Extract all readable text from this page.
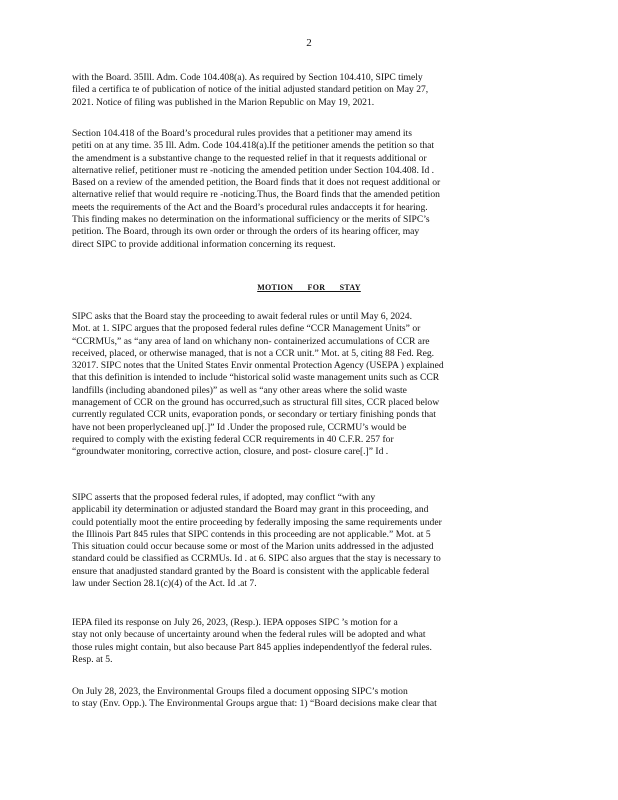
2

with the Board. 35Ill. Adm. Code 104.408(a). As required by Section 104.410, SIPC timely

filed a certifica te of publication of notice of the initial adjusted standard petition on May 27,

2021. Notice of filing was published in the Marion Republic on May 19, 2021.

Section 104.418 of the Board’s procedural rules provides that a petitioner may amend its

petiti on at any time. 35 Ill. Adm. Code 104.418(a).If the petitioner amends the petition so that

the amendment is a substantive change to the requested relief in that it requests additional or

alternative relief, petitioner must re -noticing the amended petition under Section 104.408. Id .

Based on a review of the amended petition, the Board finds that it does not request additional or

alternative relief that would require re -noticing.Thus, the Board finds that the amended petition

meets the requirements of the Act and the Board’s procedural rules andaccepts it for hearing.

This finding makes no determination on the informational sufficiency or the merits of SIPC’s

petition. The Board, through its own order or through the orders of its hearing officer, may

direct SIPC to provide additional information concerning its request.

MOTION FOR STAY

SIPC asks that the Board stay the proceeding to await federal rules or until May 6, 2024.

Mot. at 1. SIPC argues that the proposed federal rules define “CCR Management Units” or

“CCRMUs,” as “any area of land on whichany non- containerized accumulations of CCR are

received, placed, or otherwise managed, that is not a CCR unit.” Mot. at 5, citing 88 Fed. Reg.

32017. SIPC notes that the United States Envir onmental Protection Agency (USEPA ) explained

that this definition is intended to include “historical solid waste management units such as CCR

landfills (including abandoned piles)” as well as “any other areas where the solid waste

management of CCR on the ground has occurred,such as structural fill sites, CCR placed below

currently regulated CCR units, evaporation ponds, or secondary or tertiary finishing ponds that

have not been properlycleaned up[.]” Id .Under the proposed rule, CCRMU’s would be

required to comply with the existing federal CCR requirements in 40 C.F.R. 257 for

“groundwater monitoring, corrective action, closure, and post- closure care[.]” Id .

SIPC asserts that the proposed federal rules, if adopted, may conflict “with any

applicabil ity determination or adjusted standard the Board may grant in this proceeding, and

could potentially moot the entire proceeding by federally imposing the same requirements under

the Illinois Part 845 rules that SIPC contends in this proceeding are not applicable.” Mot. at 5

This situation could occur because some or most of the Marion units addressed in the adjusted

standard could be classified as CCRMUs. Id . at 6. SIPC also argues that the stay is necessary to

ensure that anadjusted standard granted by the Board is consistent with the applicable federal

law under Section 28.1(c)(4) of the Act. Id .at 7.

IEPA filed its response on July 26, 2023, (Resp.). IEPA opposes SIPC ’s motion for a

stay not only because of uncertainty around when the federal rules will be adopted and what

those rules might contain, but also because Part 845 applies independentlyof the federal rules.

Resp. at 5.

On July 28, 2023, the Environmental Groups filed a document opposing SIPC’s motion

to stay (Env. Opp.). The Environmental Groups argue that: 1) “Board decisions make clear that
